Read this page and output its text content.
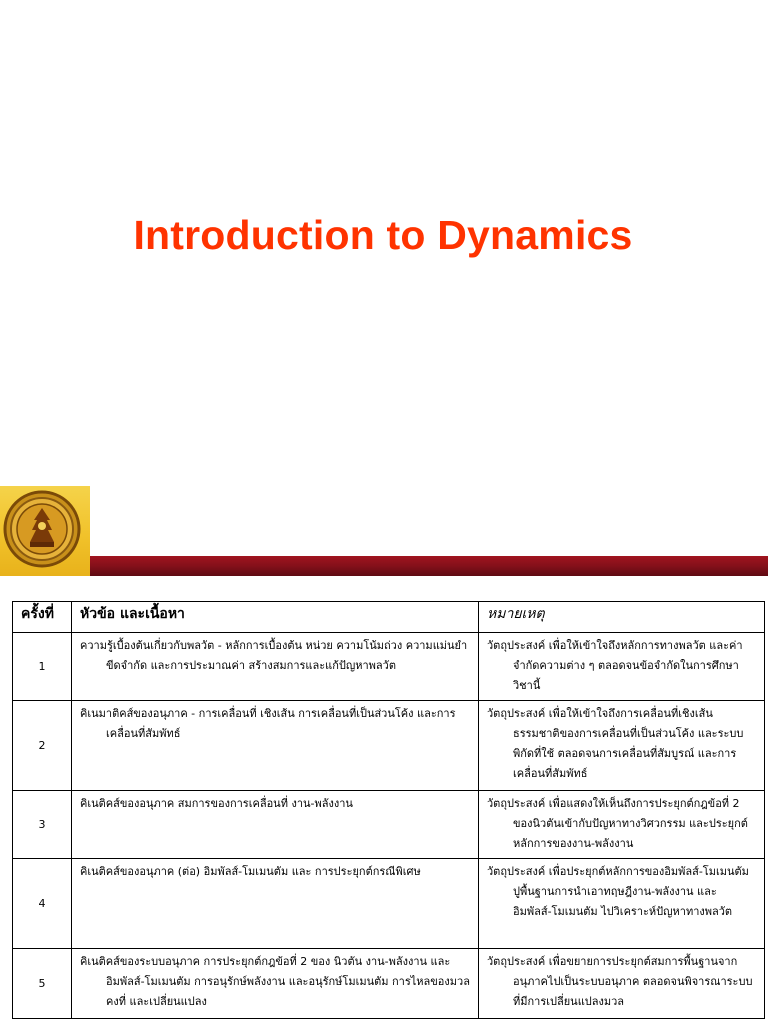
Introduction to Dynamics
ครั้งที่	หัวข้อ และเนื้อหา	หมายเหตุ
1	ความรู้เบื้องต้นเกี่ยวกับพลวัต - หลักการเบื้องต้น หน่วย ความโน้มถ่วง ความแม่นยำ ขีดจำกัด และการประมาณค่า สร้างสมการและแก้ปัญหาพลวัต	วัตถุประสงค์ เพื่อให้เข้าใจถึงหลักการทางพลวัต และค่าจำกัดความต่าง ๆ ตลอดจนข้อจำกัดในการศึกษาวิชานี้

2	คิเนมาติคส์ของอนุภาค - การเคลื่อนที่ เชิงเส้น การเคลื่อนที่เป็นส่วนโค้ง และการเคลื่อนที่สัมพัทธ์	วัตถุประสงค์ เพื่อให้เข้าใจถึงการเคลื่อนที่เชิงเส้น ธรรมชาติของการเคลื่อนที่เป็นส่วนโค้ง และระบบพิกัดที่ใช้ ตลอดจนการเคลื่อนที่สัมบูรณ์ และการเคลื่อนที่สัมพัทธ์

3	คิเนติคส์ของอนุภาค สมการของการเคลื่อนที่ งาน-พลังงาน	วัตถุประสงค์ เพื่อแสดงให้เห็นถึงการประยุกต์กฎข้อที่ 2 ของนิวตันเข้ากับปัญหาทางวิศวกรรม และประยุกต์หลักการของงาน-พลังงาน

4	คิเนติคส์ของอนุภาค (ต่อ) อิมพัลส์-โมเมนตัม และ การประยุกต์กรณีพิเศษ	วัตถุประสงค์ เพื่อประยุกต์หลักการของอิมพัลส์-โมเมนตัม ปูพื้นฐานการนำเอาทฤษฎีงาน-พลังงาน และ อิมพัลส์-โมเมนตัม ไปวิเคราะห์ปัญหาทางพลวัต

5	คิเนติคส์ของระบบอนุภาค การประยุกต์กฎข้อที่ 2 ของ นิวตัน งาน-พลังงาน และ อิมพัลส์-โมเมนตัม การอนุรักษ์พลังงาน และอนุรักษ์โมเมนตัม การไหลของมวลคงที่ และเปลี่ยนแปลง	วัตถุประสงค์ เพื่อขยายการประยุกต์สมการพื้นฐานจากอนุภาคไปเป็นระบบอนุภาค ตลอดจนพิจารณาระบบที่มีการเปลี่ยนแปลงมวล
